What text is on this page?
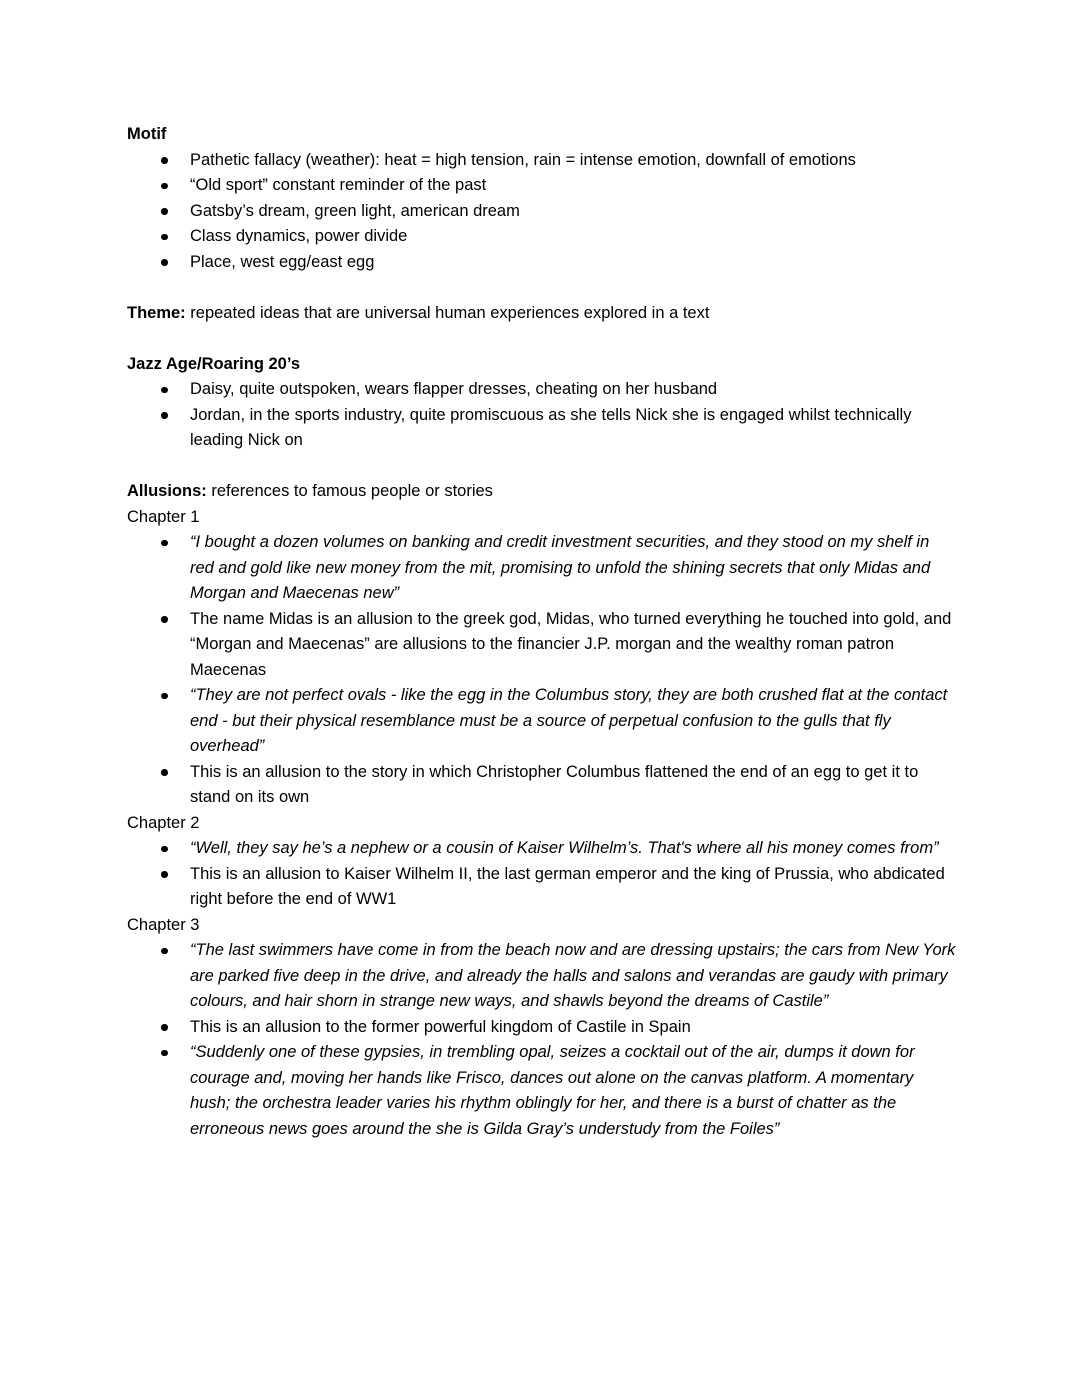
Motif
Pathetic fallacy (weather): heat = high tension, rain = intense emotion, downfall of emotions
“Old sport” constant reminder of the past
Gatsby’s dream, green light, american dream
Class dynamics, power divide
Place, west egg/east egg
Theme: repeated ideas that are universal human experiences explored in a text
Jazz Age/Roaring 20’s
Daisy, quite outspoken, wears flapper dresses, cheating on her husband
Jordan, in the sports industry, quite promiscuous as she tells Nick she is engaged whilst technically leading Nick on
Allusions: references to famous people or stories
Chapter 1
“I bought a dozen volumes on banking and credit investment securities, and they stood on my shelf in red and gold like new money from the mit, promising to unfold the shining secrets that only Midas and Morgan and Maecenas new”
The name Midas is an allusion to the greek god, Midas, who turned everything he touched into gold, and “Morgan and Maecenas” are allusions to the financier J.P. morgan and the wealthy roman patron Maecenas
“They are not perfect ovals - like the egg in the Columbus story, they are both crushed flat at the contact end - but their physical resemblance must be a source of perpetual confusion to the gulls that fly overhead”
This is an allusion to the story in which Christopher Columbus flattened the end of an egg to get it to stand on its own
Chapter 2
“Well, they say he’s a nephew or a cousin of Kaiser Wilhelm’s. That's where all his money comes from”
This is an allusion to Kaiser Wilhelm II, the last german emperor and the king of Prussia, who abdicated right before the end of WW1
Chapter 3
“The last swimmers have come in from the beach now and are dressing upstairs; the cars from New York are parked five deep in the drive, and already the halls and salons and verandas are gaudy with primary colours, and hair shorn in strange new ways, and shawls beyond the dreams of Castile”
This is an allusion to the former powerful kingdom of Castile in Spain
“Suddenly one of these gypsies, in trembling opal, seizes a cocktail out of the air, dumps it down for courage and, moving her hands like Frisco, dances out alone on the canvas platform. A momentary hush; the orchestra leader varies his rhythm oblingly for her, and there is a burst of chatter as the erroneous news goes around the she is Gilda Gray’s understudy from the Foiles”
